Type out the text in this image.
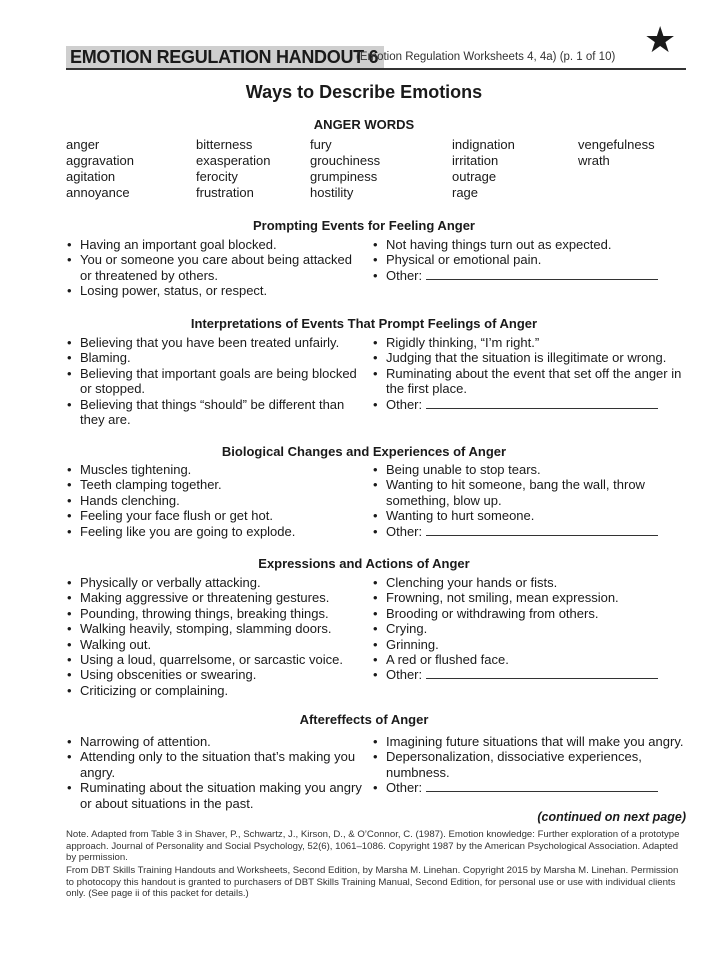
EMOTION REGULATION HANDOUT 6
(Emotion Regulation Worksheets 4, 4a) (p. 1 of 10) ★
Ways to Describe Emotions
ANGER WORDS
anger
aggravation
agitation
annoyance
bitterness
exasperation
ferocity
frustration
fury
grouchiness
grumpiness
hostility
indignation
irritation
outrage
rage
vengefulness
wrath
Prompting Events for Feeling Anger
• Having an important goal blocked.
• You or someone you care about being attacked or threatened by others.
• Losing power, status, or respect.
• Not having things turn out as expected.
• Physical or emotional pain.
• Other:
Interpretations of Events That Prompt Feelings of Anger
• Believing that you have been treated unfairly.
• Blaming.
• Believing that important goals are being blocked or stopped.
• Believing that things “should” be different than they are.
• Rigidly thinking, “I’m right.”
• Judging that the situation is illegitimate or wrong.
• Ruminating about the event that set off the anger in the first place.
• Other:
Biological Changes and Experiences of Anger
• Muscles tightening.
• Teeth clamping together.
• Hands clenching.
• Feeling your face flush or get hot.
• Feeling like you are going to explode.
• Being unable to stop tears.
• Wanting to hit someone, bang the wall, throw something, blow up.
• Wanting to hurt someone.
• Other:
Expressions and Actions of Anger
• Physically or verbally attacking.
• Making aggressive or threatening gestures.
• Pounding, throwing things, breaking things.
• Walking heavily, stomping, slamming doors.
• Walking out.
• Using a loud, quarrelsome, or sarcastic voice.
• Using obscenities or swearing.
• Criticizing or complaining.
• Clenching your hands or fists.
• Frowning, not smiling, mean expression.
• Brooding or withdrawing from others.
• Crying.
• Grinning.
• A red or flushed face.
• Other:
Aftereffects of Anger
• Narrowing of attention.
• Attending only to the situation that’s making you angry.
• Ruminating about the situation making you angry or about situations in the past.
• Imagining future situations that will make you angry.
• Depersonalization, dissociative experiences, numbness.
• Other:
(continued on next page)
Note. Adapted from Table 3 in Shaver, P., Schwartz, J., Kirson, D., & O’Connor, C. (1987). Emotion knowledge: Further exploration of a prototype approach. Journal of Personality and Social Psychology, 52(6), 1061–1086. Copyright 1987 by the American Psychological Association. Adapted by permission.
From DBT Skills Training Handouts and Worksheets, Second Edition, by Marsha M. Linehan. Copyright 2015 by Marsha M. Linehan. Permission to photocopy this handout is granted to purchasers of DBT Skills Training Manual, Second Edition, for personal use or use with individual clients only. (See page ii of this packet for details.)
